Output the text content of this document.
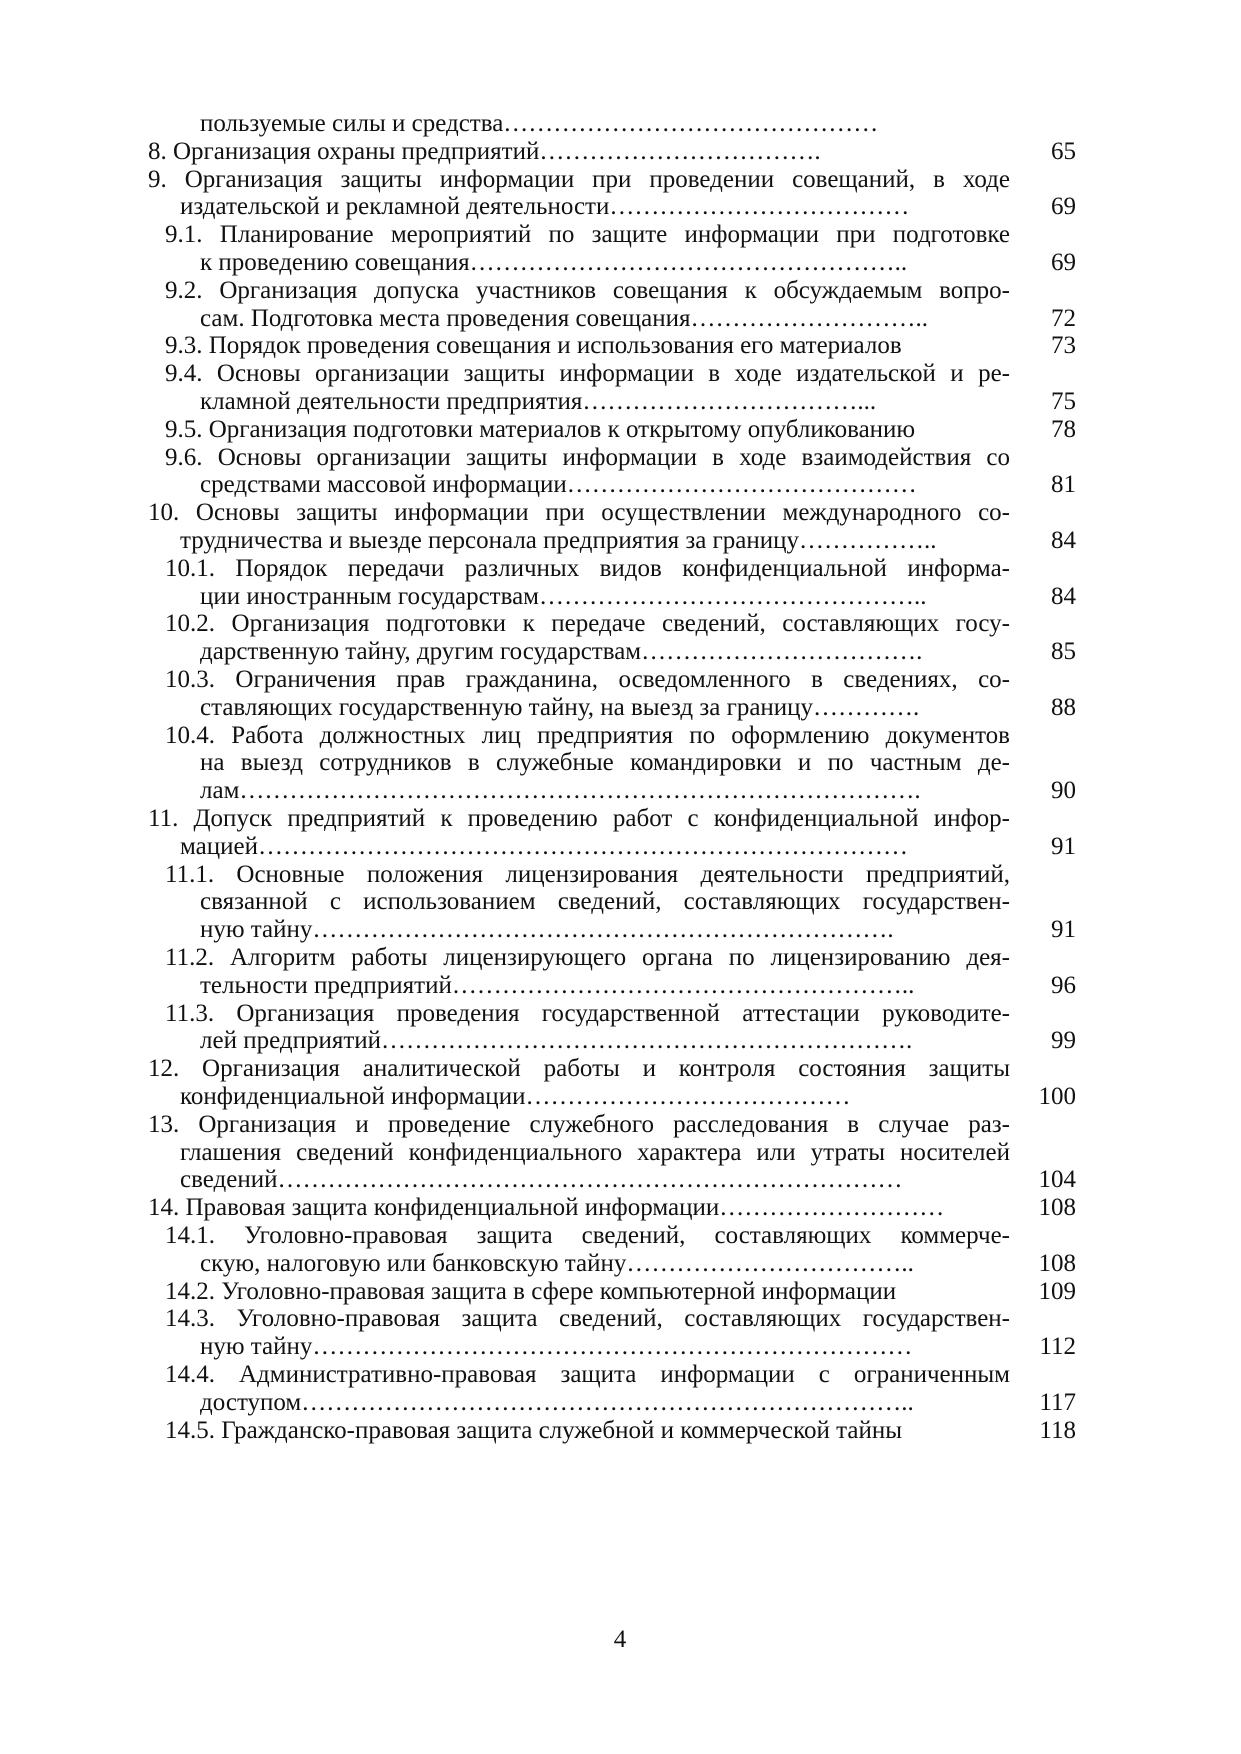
пользуемые силы и средства………………………………………
8. Организация охраны предприятий…………………………….	65
9. Организация защиты информации при проведении совещаний, в ходе
издательской и рекламной деятельности………………………………	69
9.1. Планирование мероприятий по защите информации при подготовке
к проведению совещания……………………………………………..	69
9.2. Организация допуска участников совещания к обсуждаемым вопро-
сам. Подготовка места проведения совещания………………………..	72
9.3. Порядок проведения совещания и использования его материалов	73
9.4. Основы организации защиты информации в ходе издательской и ре-
кламной деятельности предприятия……………………………...	75
9.5. Организация подготовки материалов к открытому опубликованию	78
9.6. Основы организации защиты информации в ходе взаимодействия со
средствами массовой информации……………………………………	81
10. Основы защиты информации при осуществлении международного со-
трудничества и выезде персонала предприятия за границу……………..	84
10.1. Порядок передачи различных видов конфиденциальной информа-
ции иностранным государствам………………………………………..	84
10.2. Организация подготовки к передаче сведений, составляющих госу-
дарственную тайну, другим государствам…………………………….	85
10.3. Ограничения прав гражданина, осведомленного в сведениях, со-
ставляющих государственную тайну, на выезд за границу………….	88
10.4. Работа должностных лиц предприятия по оформлению документов
на выезд сотрудников в служебные командировки и по частным де-
лам……………………………………………………………………….	90
11. Допуск предприятий к проведению работ с конфиденциальной инфор-
мацией……………………………………………………………………	91
11.1. Основные положения лицензирования деятельности предприятий,
связанной с использованием сведений, составляющих государствен-
ную тайну…………………………………………………………….	91
11.2. Алгоритм работы лицензирующего органа по лицензированию дея-
тельности предприятий………………………………………………..	96
11.3. Организация проведения государственной аттестации руководите-
лей предприятий……………………………………………………….	99
12. Организация аналитической работы и контроля состояния защиты
конфиденциальной информации…………………………………	100
13. Организация и проведение служебного расследования в случае раз-
глашения сведений конфиденциального характера или утраты носителей
сведений…………………………………………………………………	104
14. Правовая защита конфиденциальной информации………………………	108
14.1. Уголовно-правовая защита сведений, составляющих коммерче-
скую, налоговую или банковскую тайну……………………………..	108
14.2. Уголовно-правовая защита в сфере компьютерной информации	109
14.3. Уголовно-правовая защита сведений, составляющих государствен-
ную тайну………………………………………………………………	112
14.4. Административно-правовая защита информации с ограниченным
доступом………………………………………………………………..	117
14.5. Гражданско-правовая защита служебной и коммерческой тайны	118
4
